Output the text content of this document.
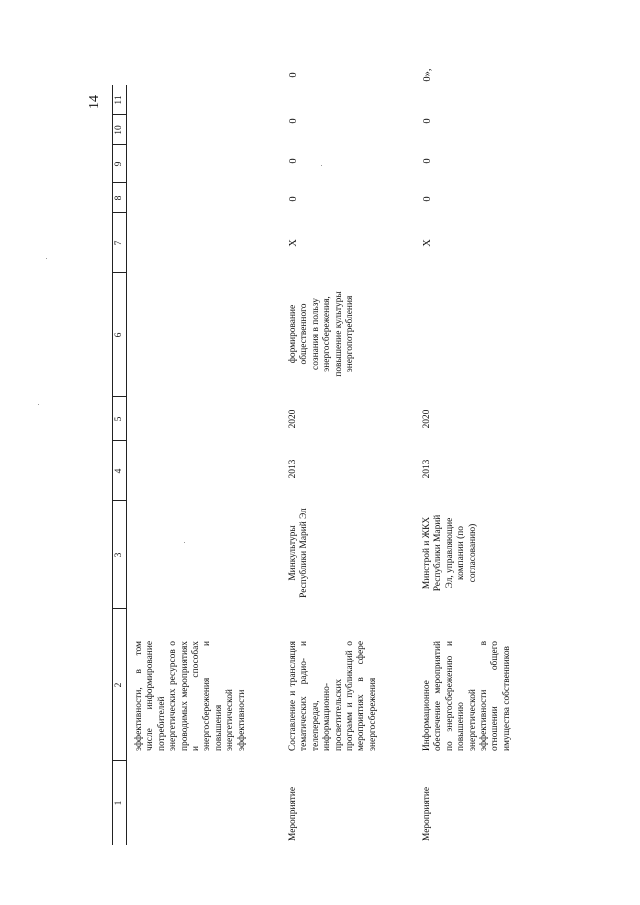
14
1
2
3
4
5
6
7
8
9
10
11
эффективности, в том числе информирование потребителей энергетических ресурсов о проводимых мероприятиях и способах энергосбережения и повышения энергетической эффективности
Мероприятие
Составление и трансляция тематических радио- и телепередач, информационно-просветительских программ и публикаций о мероприятиях в сфере энергосбережения
Минкультуры Республики Марий Эл
2013
2020
формирование общественного сознания в пользу энергосбережения, повышение культуры энергопотребления
Х
0
0
0
0
Мероприятие
Информационное обеспечение мероприятий по энергосбережению и повышению энергетической эффективности в отношении общего имущества собственников
Минстрой и ЖКХ Республики Марий Эл, управляющие компании (по согласованию)
2013
2020
Х
0
0
0
0»,
